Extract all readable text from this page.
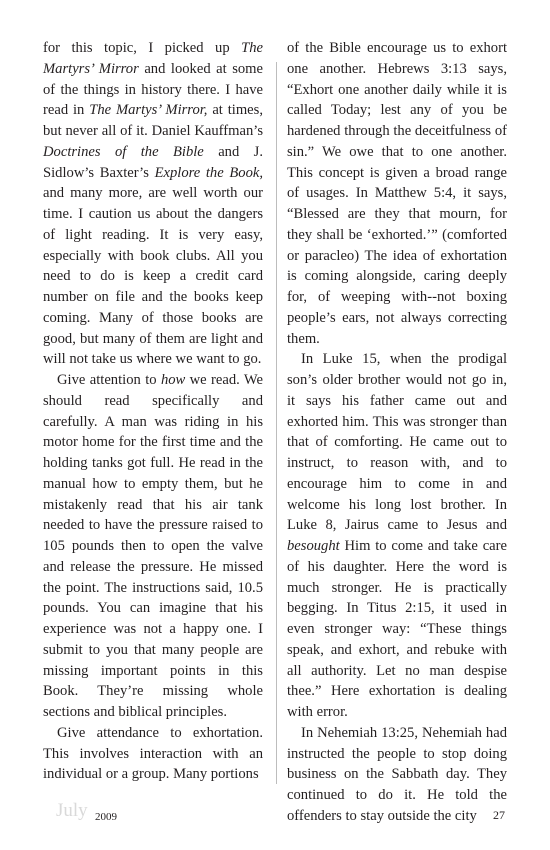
for this topic, I picked up The Martyrs’ Mirror and looked at some of the things in history there. I have read in The Martys’ Mirror, at times, but never all of it. Daniel Kauffman’s Doctrines of the Bible and J. Sidlow’s Baxter’s Explore the Book, and many more, are well worth our time. I caution us about the dangers of light reading. It is very easy, especially with book clubs. All you need to do is keep a credit card number on file and the books keep coming. Many of those books are good, but many of them are light and will not take us where we want to go.

Give attention to how we read. We should read specifically and carefully. A man was riding in his motor home for the first time and the holding tanks got full. He read in the manual how to empty them, but he mistakenly read that his air tank needed to have the pressure raised to 105 pounds then to open the valve and release the pressure. He missed the point. The instructions said, 10.5 pounds. You can imagine that his experience was not a happy one. I submit to you that many people are missing important points in this Book. They’re missing whole sections and biblical principles.

Give attendance to exhortation. This involves interaction with an individual or a group. Many portions

of the Bible encourage us to exhort one another. Hebrews 3:13 says, “Exhort one another daily while it is called Today; lest any of you be hardened through the deceitfulness of sin.” We owe that to one another. This concept is given a broad range of usages. In Matthew 5:4, it says, “Blessed are they that mourn, for they shall be ‘exhorted.’” (comforted or paracleo) The idea of exhortation is coming alongside, caring deeply for, of weeping with--not boxing people’s ears, not always correcting them.

In Luke 15, when the prodigal son’s older brother would not go in, it says his father came out and exhorted him. This was stronger than that of comforting. He came out to instruct, to reason with, and to encourage him to come in and welcome his long lost brother. In Luke 8, Jairus came to Jesus and besought Him to come and take care of his daughter. Here the word is much stronger. He is practically begging. In Titus 2:15, it used in even stronger way: “These things speak, and exhort, and rebuke with all authority. Let no man despise thee.” Here exhortation is dealing with error.

In Nehemiah 13:25, Nehemiah had instructed the people to stop doing business on the Sabbath day. They continued to do it. He told the offenders to stay outside the city

July 2009	27
